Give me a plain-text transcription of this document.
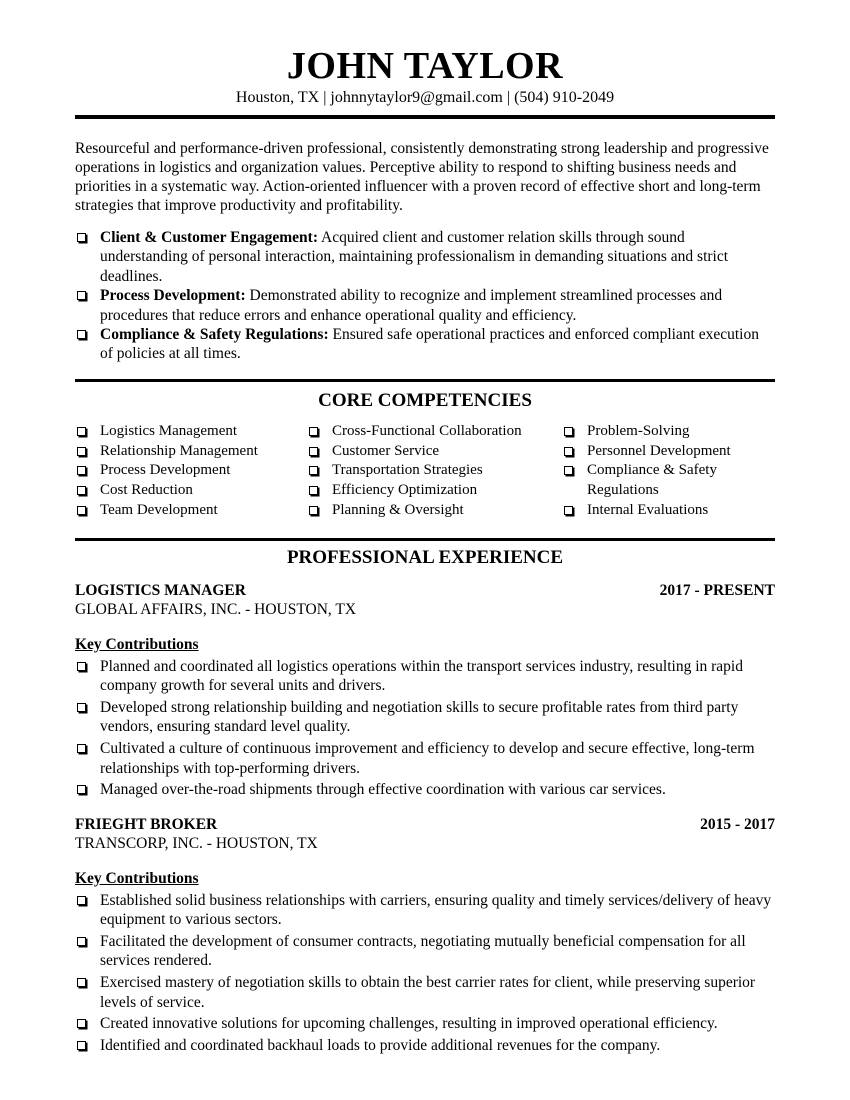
JOHN TAYLOR
Houston, TX | johnnytaylor9@gmail.com | (504) 910-2049

Resourceful and performance-driven professional, consistently demonstrating strong leadership and progressive operations in logistics and organization values. Perceptive ability to respond to shifting business needs and priorities in a systematic way. Action-oriented influencer with a proven record of effective short and long-term strategies that improve productivity and profitability.

Client & Customer Engagement: Acquired client and customer relation skills through sound understanding of personal interaction, maintaining professionalism in demanding situations and strict deadlines.
Process Development: Demonstrated ability to recognize and implement streamlined processes and procedures that reduce errors and enhance operational quality and efficiency.
Compliance & Safety Regulations: Ensured safe operational practices and enforced compliant execution of policies at all times.
CORE COMPETENCIES
Logistics Management
Relationship Management
Process Development
Cost Reduction
Team Development
Cross-Functional Collaboration
Customer Service
Transportation Strategies
Efficiency Optimization
Planning & Oversight
Problem-Solving
Personnel Development
Compliance & Safety Regulations
Internal Evaluations
PROFESSIONAL EXPERIENCE
LOGISTICS MANAGER	2017 - PRESENT
GLOBAL AFFAIRS, INC. - HOUSTON, TX
Key Contributions
Planned and coordinated all logistics operations within the transport services industry, resulting in rapid company growth for several units and drivers.
Developed strong relationship building and negotiation skills to secure profitable rates from third party vendors, ensuring standard level quality.
Cultivated a culture of continuous improvement and efficiency to develop and secure effective, long-term relationships with top-performing drivers.
Managed over-the-road shipments through effective coordination with various car services.
FRIEGHT BROKER	2015 - 2017
TRANSCORP, INC. - HOUSTON, TX
Key Contributions
Established solid business relationships with carriers, ensuring quality and timely services/delivery of heavy equipment to various sectors.
Facilitated the development of consumer contracts, negotiating mutually beneficial compensation for all services rendered.
Exercised mastery of negotiation skills to obtain the best carrier rates for client, while preserving superior levels of service.
Created innovative solutions for upcoming challenges, resulting in improved operational efficiency.
Identified and coordinated backhaul loads to provide additional revenues for the company.
